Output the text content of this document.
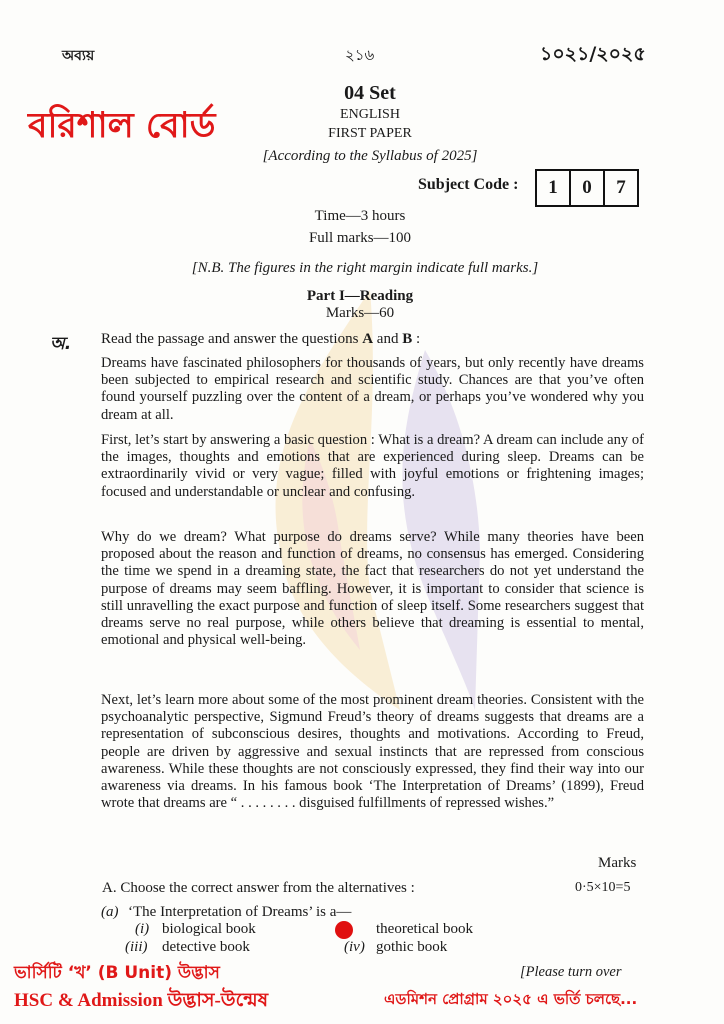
অব্যয়	২১৬	১০২১/২০২৫
বরিশাল বোর্ড
04 Set
ENGLISH
FIRST PAPER
[According to the Syllabus of 2025]
Subject Code :	1 0 7
Time—3 hours
Full marks—100
[N.B. The figures in the right margin indicate full marks.]
Part I—Reading
Marks—60
অ. Read the passage and answer the questions A and B :
Dreams have fascinated philosophers for thousands of years, but only recently have dreams been subjected to empirical research and scientific study. Chances are that you’ve often found yourself puzzling over the content of a dream, or perhaps you’ve wondered why you dream at all.
First, let’s start by answering a basic question : What is a dream? A dream can include any of the images, thoughts and emotions that are experienced during sleep. Dreams can be extraordinarily vivid or very vague; filled with joyful emotions or frightening images; focused and understandable or unclear and confusing.
Why do we dream? What purpose do dreams serve? While many theories have been proposed about the reason and function of dreams, no consensus has emerged. Considering the time we spend in a dreaming state, the fact that researchers do not yet understand the purpose of dreams may seem baffling. However, it is important to consider that science is still unravelling the exact purpose and function of sleep itself. Some researchers suggest that dreams serve no real purpose, while others believe that dreaming is essential to mental, emotional and physical well-being.
Next, let’s learn more about some of the most prominent dream theories. Consistent with the psychoanalytic perspective, Sigmund Freud’s theory of dreams suggests that dreams are a representation of subconscious desires, thoughts and motivations. According to Freud, people are driven by aggressive and sexual instincts that are repressed from conscious awareness. While these thoughts are not consciously expressed, they find their way into our awareness via dreams. In his famous book ‘The Interpretation of Dreams’ (1899), Freud wrote that dreams are “ . . . . . . . . disguised fulfillments of repressed wishes.”
Marks
A. Choose the correct answer from the alternatives :	0·5×10=5
(a) ‘The Interpretation of Dreams’ is a—
(i) biological book	theoretical book
(iii) detective book	(iv) gothic book
ভার্সিটি ‘খ’ (B Unit) উদ্ভাস
HSC & Admission উদ্ভাস-উন্মেষ
[Please turn over
এডমিশন প্রোগ্রাম ২০২৫ এ ভর্তি চলছে...
